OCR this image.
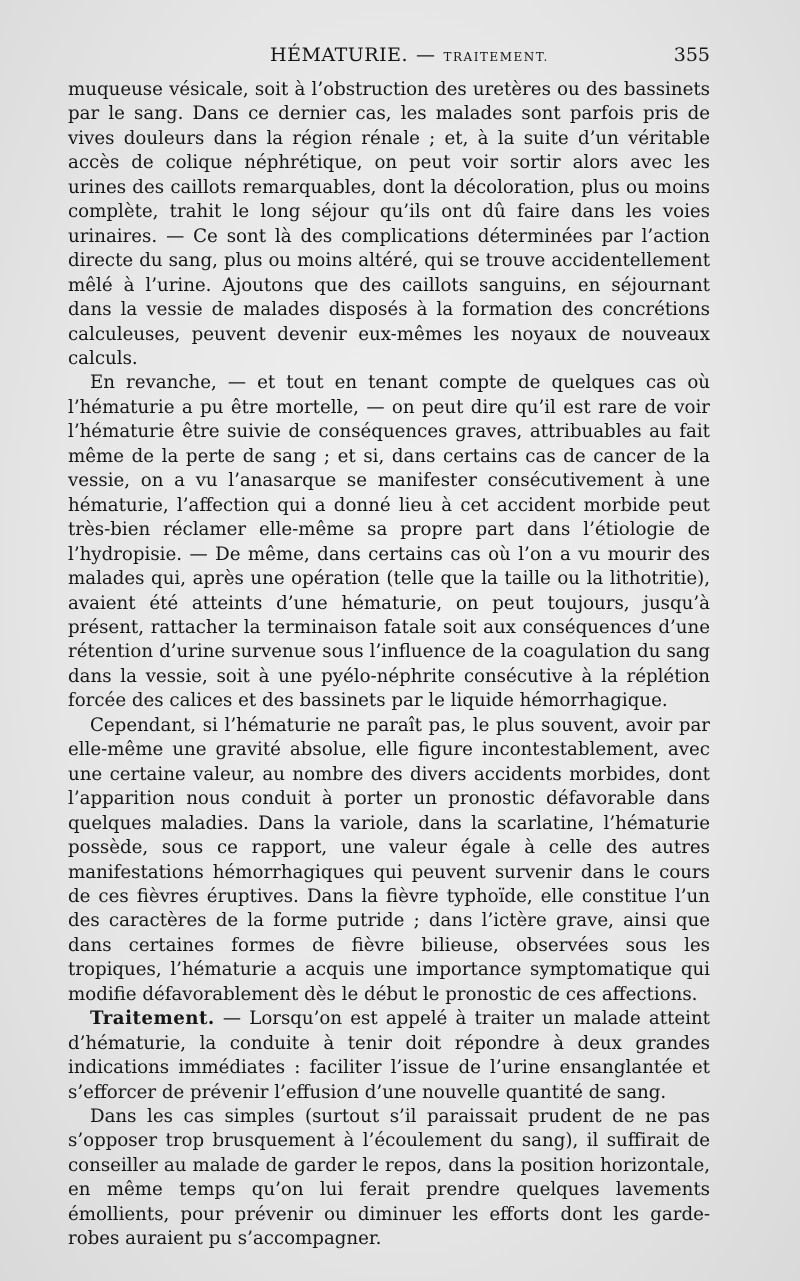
HÉMATURIE. — TRAITEMENT.	355

muqueuse vésicale, soit à l’obstruction des uretères ou des bassinets par le sang. Dans ce dernier cas, les malades sont parfois pris de vives douleurs dans la région rénale ; et, à la suite d’un véritable accès de colique néphrétique, on peut voir sortir alors avec les urines des caillots remarquables, dont la décoloration, plus ou moins complète, trahit le long séjour qu’ils ont dû faire dans les voies urinaires. — Ce sont là des complications déterminées par l’action directe du sang, plus ou moins altéré, qui se trouve accidentellement mêlé à l’urine. Ajoutons que des caillots sanguins, en séjournant dans la vessie de malades disposés à la formation des concrétions calculeuses, peuvent devenir eux-mêmes les noyaux de nouveaux calculs.

En revanche, — et tout en tenant compte de quelques cas où l’hématurie a pu être mortelle, — on peut dire qu’il est rare de voir l’hématurie être suivie de conséquences graves, attribuables au fait même de la perte de sang ; et si, dans certains cas de cancer de la vessie, on a vu l’anasarque se manifester consécutivement à une hématurie, l’affection qui a donné lieu à cet accident morbide peut très-bien réclamer elle-même sa propre part dans l’étiologie de l’hydropisie. — De même, dans certains cas où l’on a vu mourir des malades qui, après une opération (telle que la taille ou la lithotritie), avaient été atteints d’une hématurie, on peut toujours, jusqu’à présent, rattacher la terminaison fatale soit aux conséquences d’une rétention d’urine survenue sous l’influence de la coagulation du sang dans la vessie, soit à une pyélo-néphrite consécutive à la réplétion forcée des calices et des bassinets par le liquide hémorrhagique.

Cependant, si l’hématurie ne paraît pas, le plus souvent, avoir par elle-même une gravité absolue, elle figure incontestablement, avec une certaine valeur, au nombre des divers accidents morbides, dont l’apparition nous conduit à porter un pronostic défavorable dans quelques maladies. Dans la variole, dans la scarlatine, l’hématurie possède, sous ce rapport, une valeur égale à celle des autres manifestations hémorrhagiques qui peuvent survenir dans le cours de ces fièvres éruptives. Dans la fièvre typhoïde, elle constitue l’un des caractères de la forme putride ; dans l’ictère grave, ainsi que dans certaines formes de fièvre bilieuse, observées sous les tropiques, l’hématurie a acquis une importance symptomatique qui modifie défavorablement dès le début le pronostic de ces affections.

Traitement. — Lorsqu’on est appelé à traiter un malade atteint d’hématurie, la conduite à tenir doit répondre à deux grandes indications immédiates : faciliter l’issue de l’urine ensanglantée et s’efforcer de prévenir l’effusion d’une nouvelle quantité de sang.

Dans les cas simples (surtout s’il paraissait prudent de ne pas s’opposer trop brusquement à l’écoulement du sang), il suffirait de conseiller au malade de garder le repos, dans la position horizontale, en même temps qu’on lui ferait prendre quelques lavements émollients, pour prévenir ou diminuer les efforts dont les garde-robes auraient pu s’accompagner.
